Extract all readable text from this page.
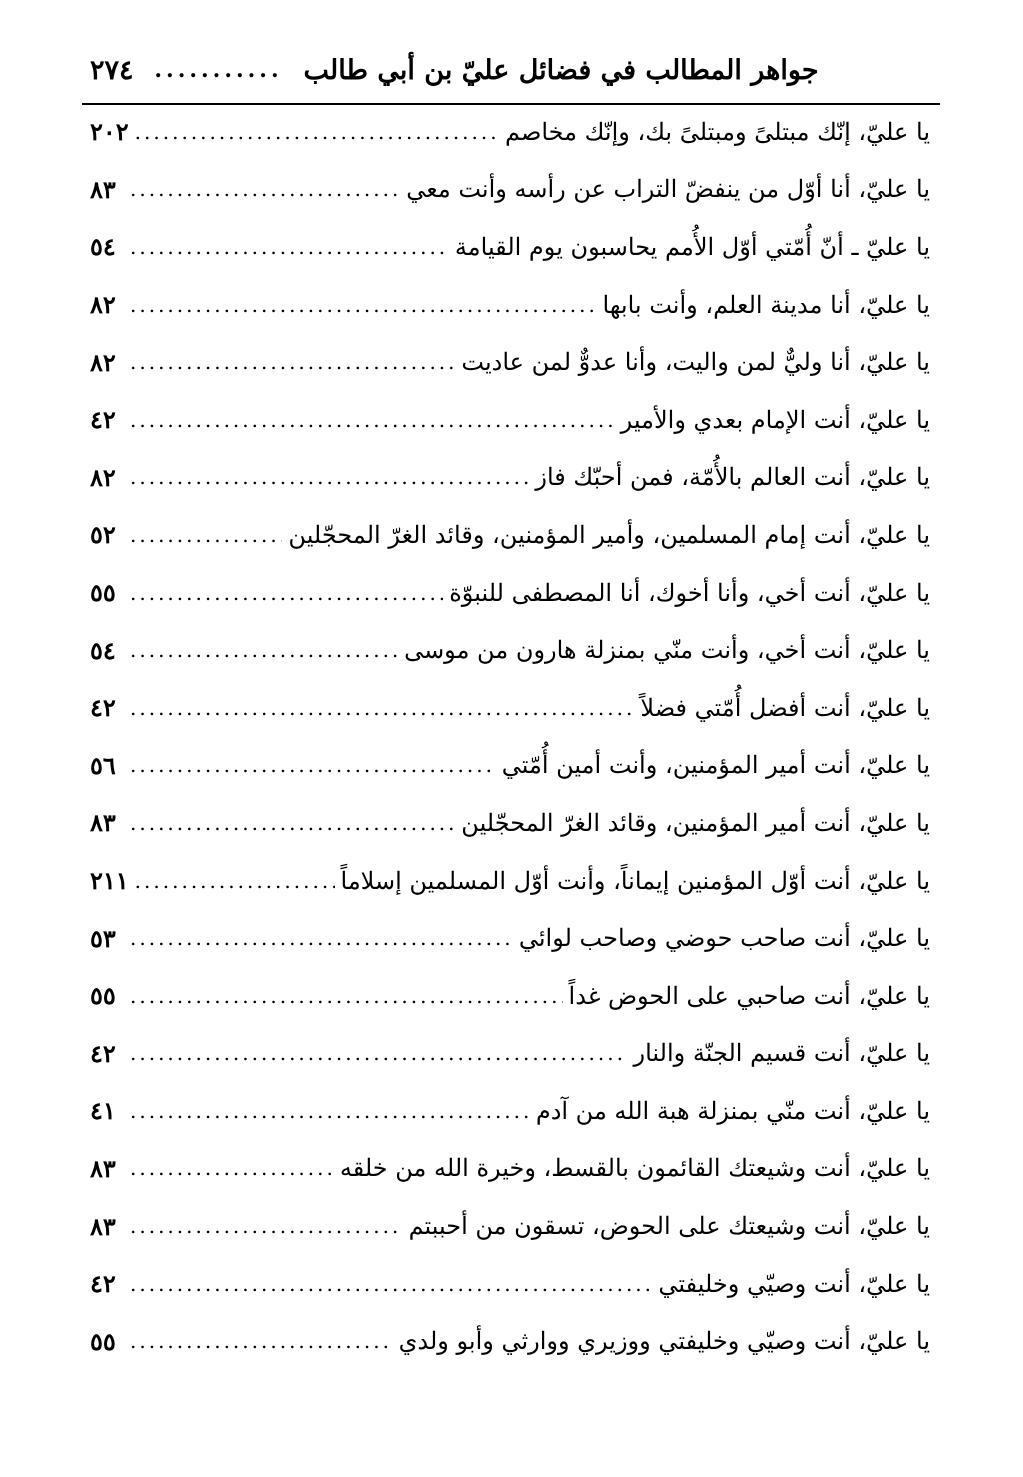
٢٧٤ ........... جواهر المطالب في فضائل عليّ بن أبي طالب
يا عليّ، إنّك مبتلىً ومبتلىً بك، وإنّك مخاصم
.....
٢٠٢
يا عليّ، أنا أوّل من ينفضّ التراب عن رأسه وأنت معي
.....
٨٣
يا عليّ ـ أنّ أُمّتي أوّل الأُمم يحاسبون يوم القيامة
.....
٥٤
يا عليّ، أنا مدينة العلم، وأنت بابها
.....
٨٢
يا عليّ، أنا وليٌّ لمن واليت، وأنا عدوٌّ لمن عاديت
.....
٨٢
يا عليّ، أنت الإمام بعدي والأمير
.....
٤٢
يا عليّ، أنت العالم بالأُمّة، فمن أحبّك فاز
.....
٨٢
يا عليّ، أنت إمام المسلمين، وأمير المؤمنين، وقائد الغرّ المحجّلين
.....
٥٢
يا عليّ، أنت أخي، وأنا أخوك، أنا المصطفى للنبوّة
.....
٥٥
يا عليّ، أنت أخي، وأنت منّي بمنزلة هارون من موسى
.....
٥٤
يا عليّ، أنت أفضل أُمّتي فضلاً
.....
٤٢
يا عليّ، أنت أمير المؤمنين، وأنت أمين أُمّتي
.....
٥٦
يا عليّ، أنت أمير المؤمنين، وقائد الغرّ المحجّلين
.....
٨٣
يا عليّ، أنت أوّل المؤمنين إيماناً، وأنت أوّل المسلمين إسلاماً
.....
٢١١
يا عليّ، أنت صاحب حوضي وصاحب لوائي
.....
٥٣
يا عليّ، أنت صاحبي على الحوض غداً
.....
٥٥
يا عليّ، أنت قسيم الجنّة والنار
.....
٤٢
يا عليّ، أنت منّي بمنزلة هبة الله من آدم
.....
٤١
يا عليّ، أنت وشيعتك القائمون بالقسط، وخيرة الله من خلقه
.....
٨٣
يا عليّ، أنت وشيعتك على الحوض، تسقون من أحببتم
.....
٨٣
يا عليّ، أنت وصيّي وخليفتي
.....
٤٢
يا عليّ، أنت وصيّي وخليفتي ووزيري ووارثي وأبو ولدي
.....
٥٥
